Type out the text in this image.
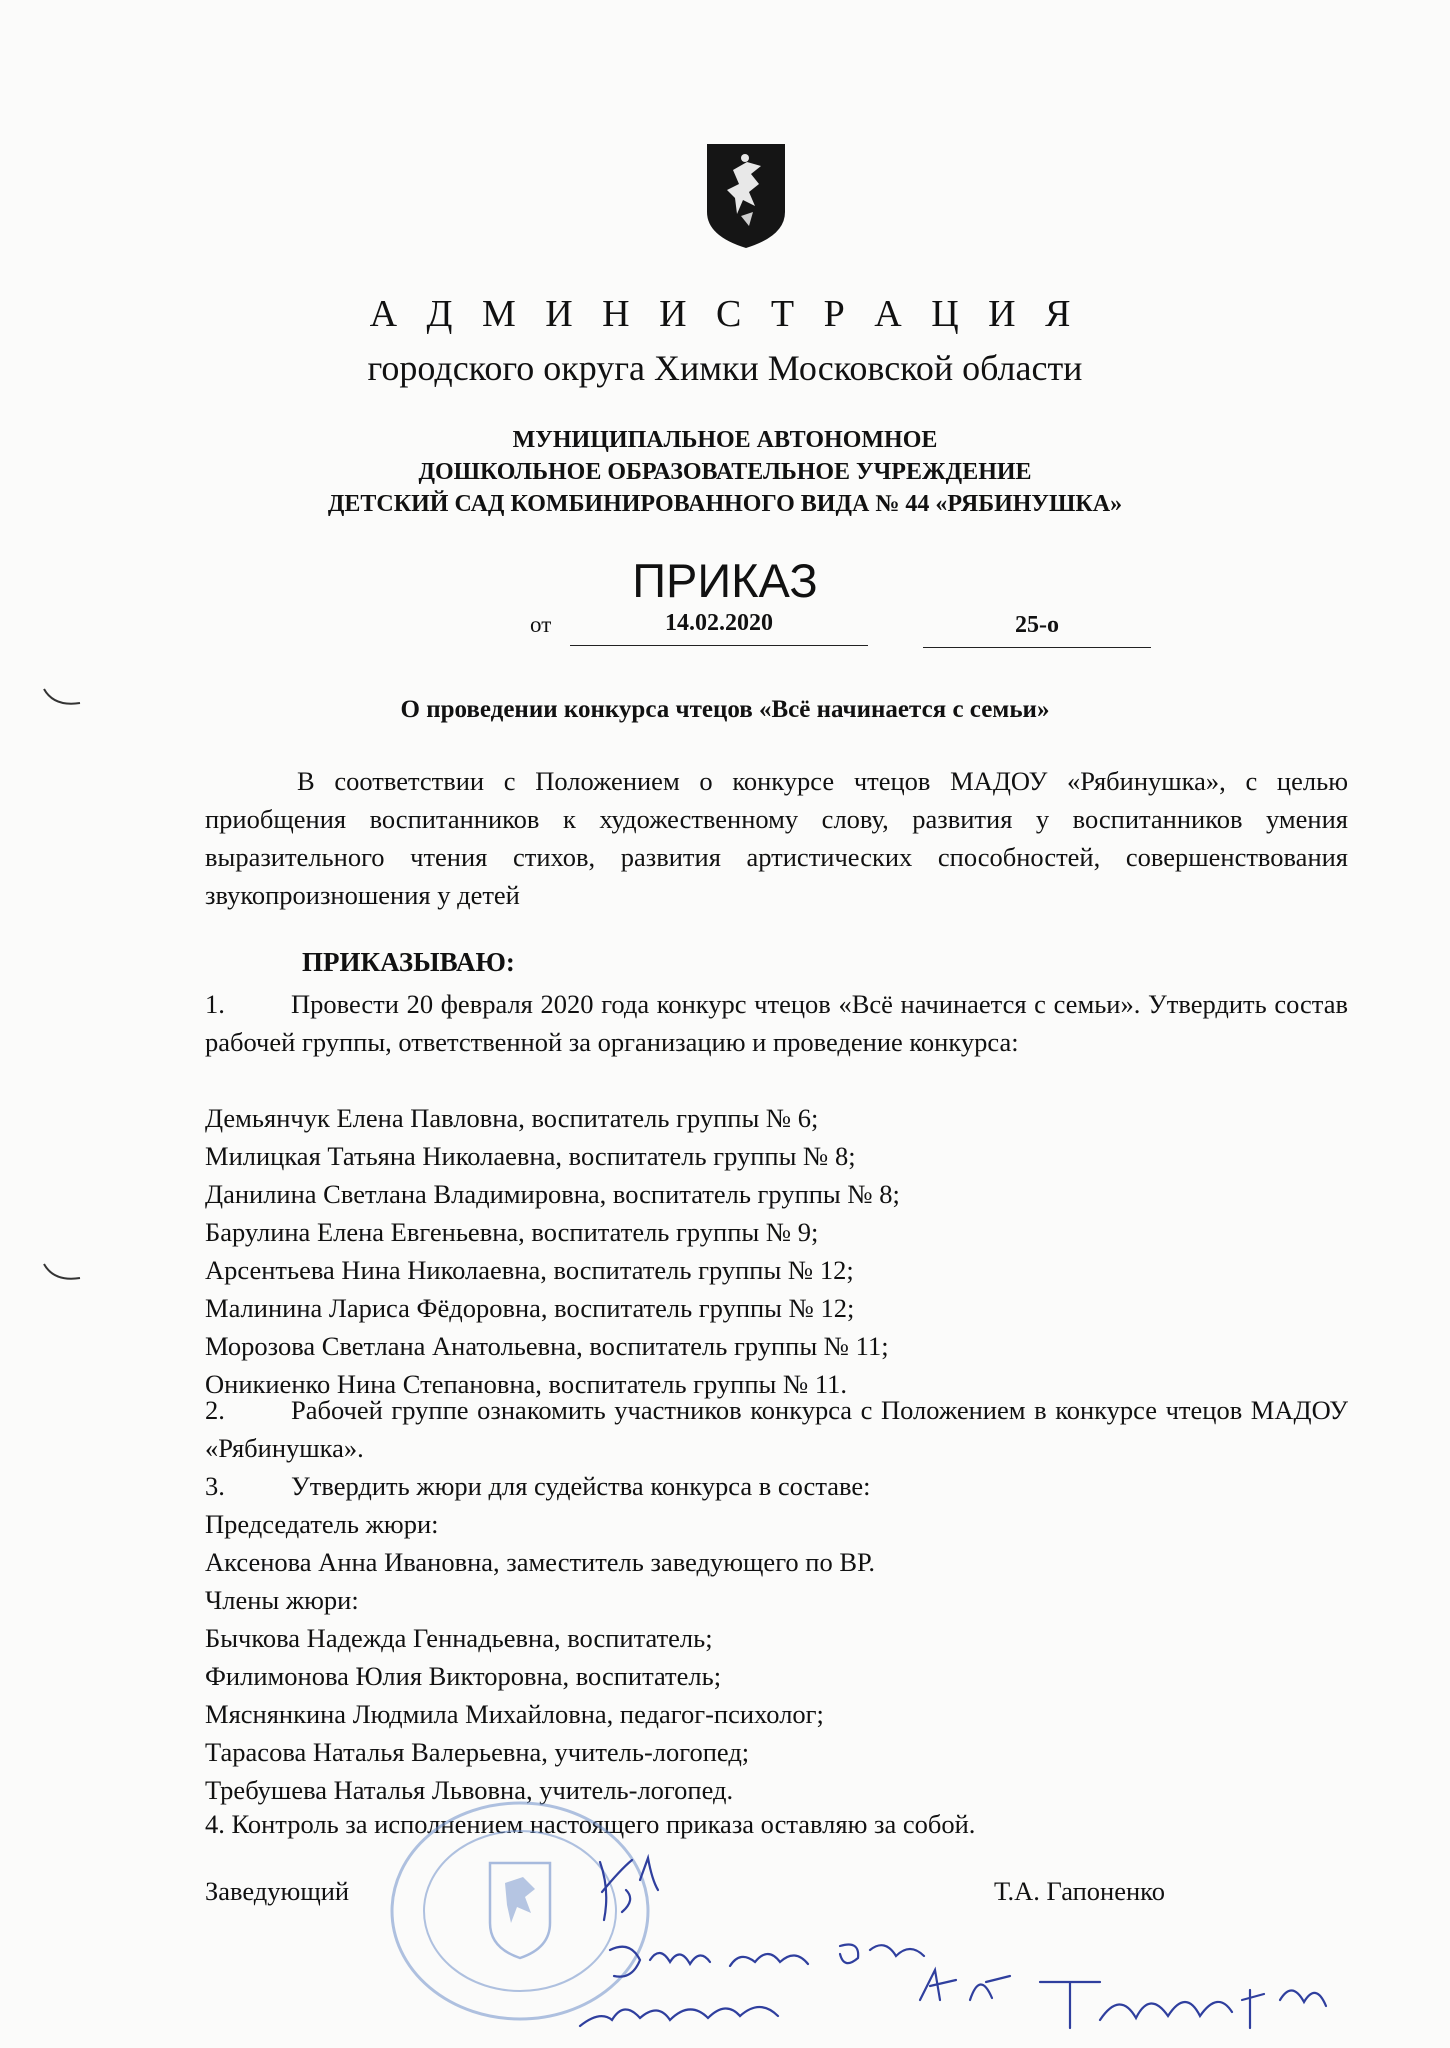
А Д М И Н И С Т Р А Ц И Я
городского округа Химки Московской области
МУНИЦИПАЛЬНОЕ АВТОНОМНОЕ
ДОШКОЛЬНОЕ ОБРАЗОВАТЕЛЬНОЕ УЧРЕЖДЕНИЕ
ДЕТСКИЙ САД КОМБИНИРОВАННОГО ВИДА № 44 «РЯБИНУШКА»
ПРИКАЗ
от	14.02.2020	25-о
О проведении конкурса чтецов «Всё начинается с семьи»

В соответствии с Положением о конкурсе чтецов МАДОУ «Рябинушка», с целью приобщения воспитанников к художественному слову, развития у воспитанников умения выразительного чтения стихов, развития артистических способностей, совершенствования звукопроизношения у детей

ПРИКАЗЫВАЮ:

1. Провести 20 февраля 2020 года конкурс чтецов «Всё начинается с семьи». Утвердить состав рабочей группы, ответственной за организацию и проведение конкурса:

Демьянчук Елена Павловна, воспитатель группы № 6;
Милицкая Татьяна Николаевна, воспитатель группы № 8;
Данилина Светлана Владимировна, воспитатель группы № 8;
Барулина Елена Евгеньевна, воспитатель группы № 9;
Арсентьева Нина Николаевна, воспитатель группы № 12;
Малинина Лариса Фёдоровна, воспитатель группы № 12;
Морозова Светлана Анатольевна, воспитатель группы № 11;
Оникиенко Нина Степановна, воспитатель группы № 11.

2. Рабочей группе ознакомить участников конкурса с Положением в конкурсе чтецов МАДОУ «Рябинушка».

3. Утвердить жюри для судейства конкурса в составе:

Председатель жюри:
Аксенова Анна Ивановна, заместитель заведующего по ВР.
Члены жюри:
Бычкова Надежда Геннадьевна, воспитатель;
Филимонова Юлия Викторовна, воспитатель;
Мяснянкина Людмила Михайловна, педагог-психолог;
Тарасова Наталья Валерьевна, учитель-логопед;
Требушева Наталья Львовна, учитель-логопед.
4. Контроль за исполнением настоящего приказа оставляю за собой.
Заведующий	Т.А. Гапоненко
